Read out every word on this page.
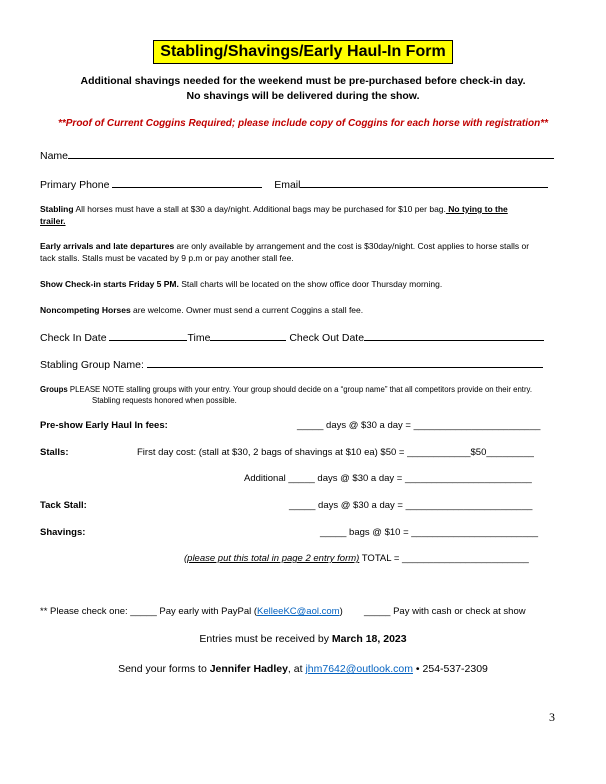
Stabling/Shavings/Early Haul-In Form
Additional shavings needed for the weekend must be pre-purchased before check-in day.
No shavings will be delivered during the show.
**Proof of Current Coggins Required; please include copy of Coggins for each horse with registration**
Name
Primary Phone	Email
Stabling All horses must have a stall at $30 a day/night. Additional bags may be purchased for $10 per bag. No tying to the
trailer.
Early arrivals and late departures are only available by arrangement and the cost is $30day/night. Cost applies to horse stalls or
tack stalls. Stalls must be vacated by 9 p.m or pay another stall fee.
Show Check-in starts Friday 5 PM. Stall charts will be located on the show office door Thursday morning.
Noncompeting Horses are welcome. Owner must send a current Coggins a stall fee.
Check In Date	Time	Check Out Date
Stabling Group Name:
Groups PLEASE NOTE stalling groups with your entry. Your group should decide on a “group name” that all competitors provide on their entry.
Stabling requests honored when possible.
Pre-show Early Haul In fees:	_____ days @ $30 a day = ________________________
Stalls:	First day cost: (stall at $30, 2 bags of shavings at $10 ea) $50 = ____________$50_________
Additional _____ days @ $30 a day = ________________________
Tack Stall:	_____ days @ $30 a day = ________________________
Shavings:	_____ bags @ $10 = ________________________
(please put this total in page 2 entry form) TOTAL = ________________________
** Please check one: _____ Pay early with PayPal (KelleeKC@aol.com) _____ Pay with cash or check at show
Entries must be received by March 18, 2023
Send your forms to Jennifer Hadley, at jhm7642@outlook.com • 254-537-2309
3
